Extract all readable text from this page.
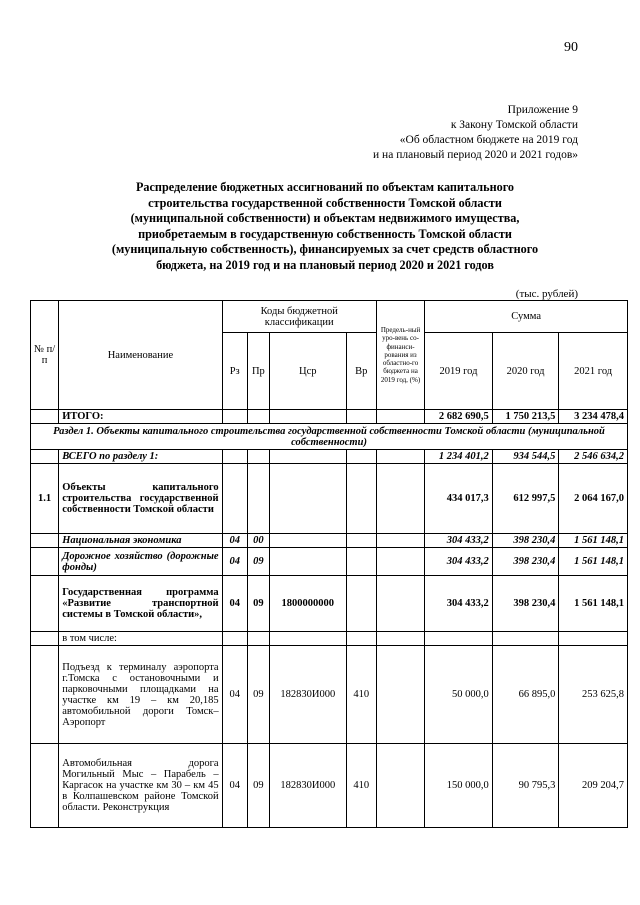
90
Приложение 9
к Закону Томской области
«Об областном бюджете на 2019 год
и на плановый период 2020 и 2021 годов»
Распределение бюджетных ассигнований по объектам капитального
строительства государственной собственности Томской области
(муниципальной собственности) и объектам недвижимого имущества,
приобретаемым в государственную собственность Томской области
(муниципальную собственность), финансируемых за счет средств областного
бюджета, на 2019 год и на плановый период 2020 и 2021 годов
(тыс. рублей)
№ п/п	Наименование	Коды бюджетной классификации				Предель-ный уро-вень со-финанси-рования из областно-го бюджета на 2019 год, (%)	Сумма		
		Рз	Пр	Цср	Вр		2019 год	2020 год	2021 год
	ИТОГО:						2 682 690,5	1 750 213,5	3 234 478,4
Раздел 1. Объекты капитального строительства государственной собственности Томской области (муниципальной собственности)									
	ВСЕГО по разделу 1:						1 234 401,2	934 544,5	2 546 634,2
1.1	Объекты капитального строительства государственной собственности Томской области						434 017,3	612 997,5	2 064 167,0
	Национальная экономика	04	00				304 433,2	398 230,4	1 561 148,1
	Дорожное хозяйство (дорожные фонды)	04	09				304 433,2	398 230,4	1 561 148,1
	Государственная программа «Развитие транспортной системы в Томской области»,	04	09	1800000000			304 433,2	398 230,4	1 561 148,1
	в том числе:								
	Подъезд к терминалу аэропорта г.Томска с остановочными и парковочными площадками на участке км 19 – км 20,185 автомобильной дороги Томск–Аэропорт	04	09	182830И000	410		50 000,0	66 895,0	253 625,8
	Автомобильная дорога Могильный Мыс – Парабель – Каргасок на участке км 30 – км 45 в Колпашевском районе Томской области. Реконструкция	04	09	182830И000	410		150 000,0	90 795,3	209 204,7
